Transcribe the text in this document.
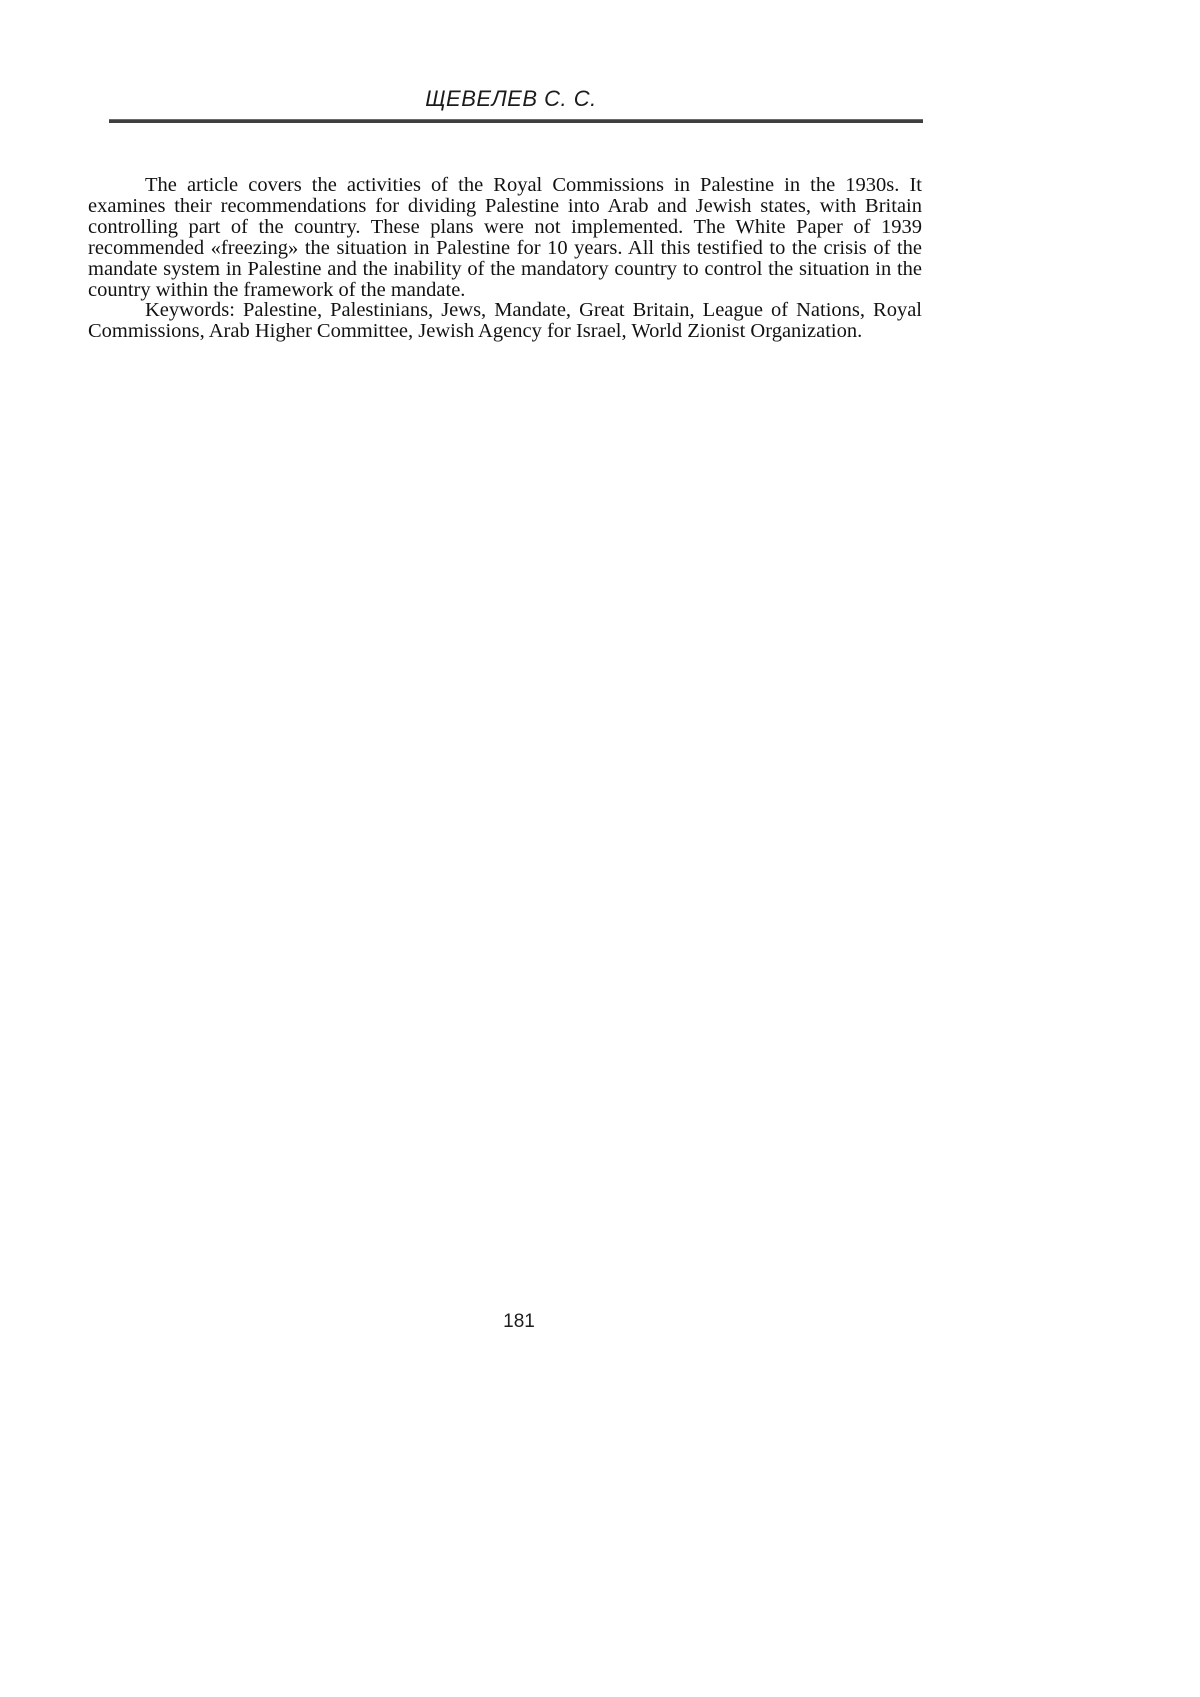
ЩЕВЕЛЕВ С. С.

The article covers the activities of the Royal Commissions in Palestine in the 1930s. It examines their recommendations for dividing Palestine into Arab and Jewish states, with Britain controlling part of the country. These plans were not implemented. The White Paper of 1939 recommended «freezing» the situation in Palestine for 10 years. All this testified to the crisis of the mandate system in Palestine and the inability of the mandatory country to control the situation in the country within the framework of the mandate.

Keywords: Palestine, Palestinians, Jews, Mandate, Great Britain, League of Nations, Royal Commissions, Arab Higher Committee, Jewish Agency for Israel, World Zionist Organization.

181
